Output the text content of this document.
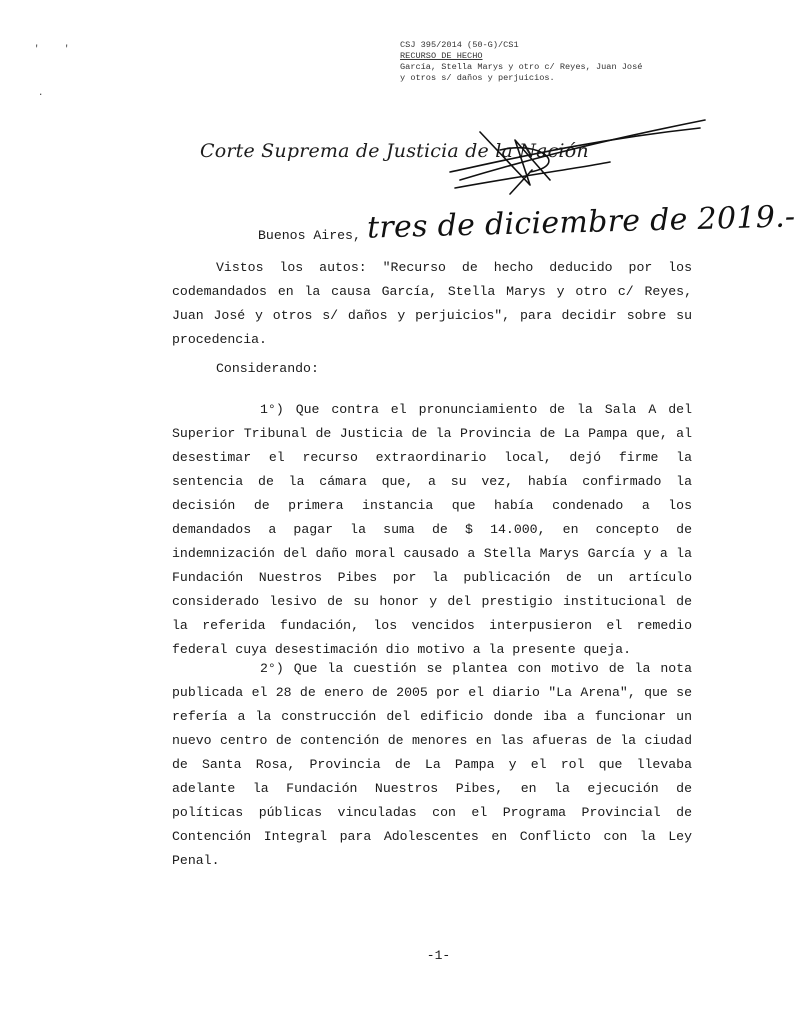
'	'
.
CSJ 395/2014 (50-G)/CS1
RECURSO DE HECHO
García, Stella Marys y otro c/ Reyes, Juan José
y otros s/ daños y perjuicios.
Corte Suprema de Justicia de la Nación
Buenos Aires, tres de diciembre de 2019.-
Vistos los autos: "Recurso de hecho deducido por los codemandados en la causa García, Stella Marys y otro c/ Reyes, Juan José y otros s/ daños y perjuicios", para decidir sobre su procedencia.
Considerando:
1°) Que contra el pronunciamiento de la Sala A del Superior Tribunal de Justicia de la Provincia de La Pampa que, al desestimar el recurso extraordinario local, dejó firme la sentencia de la cámara que, a su vez, había confirmado la decisión de primera instancia que había condenado a los demandados a pagar la suma de $ 14.000, en concepto de indemnización del daño moral causado a Stella Marys García y a la Fundación Nuestros Pibes por la publicación de un artículo considerado lesivo de su honor y del prestigio institucional de la referida fundación, los vencidos interpusieron el remedio federal cuya desestimación dio motivo a la presente queja.
2°) Que la cuestión se plantea con motivo de la nota publicada el 28 de enero de 2005 por el diario "La Arena", que se refería a la construcción del edificio donde iba a funcionar un nuevo centro de contención de menores en las afueras de la ciudad de Santa Rosa, Provincia de La Pampa y el rol que llevaba adelante la Fundación Nuestros Pibes, en la ejecución de políticas públicas vinculadas con el Programa Provincial de Contención Integral para Adolescentes en Conflicto con la Ley Penal.
-1-
